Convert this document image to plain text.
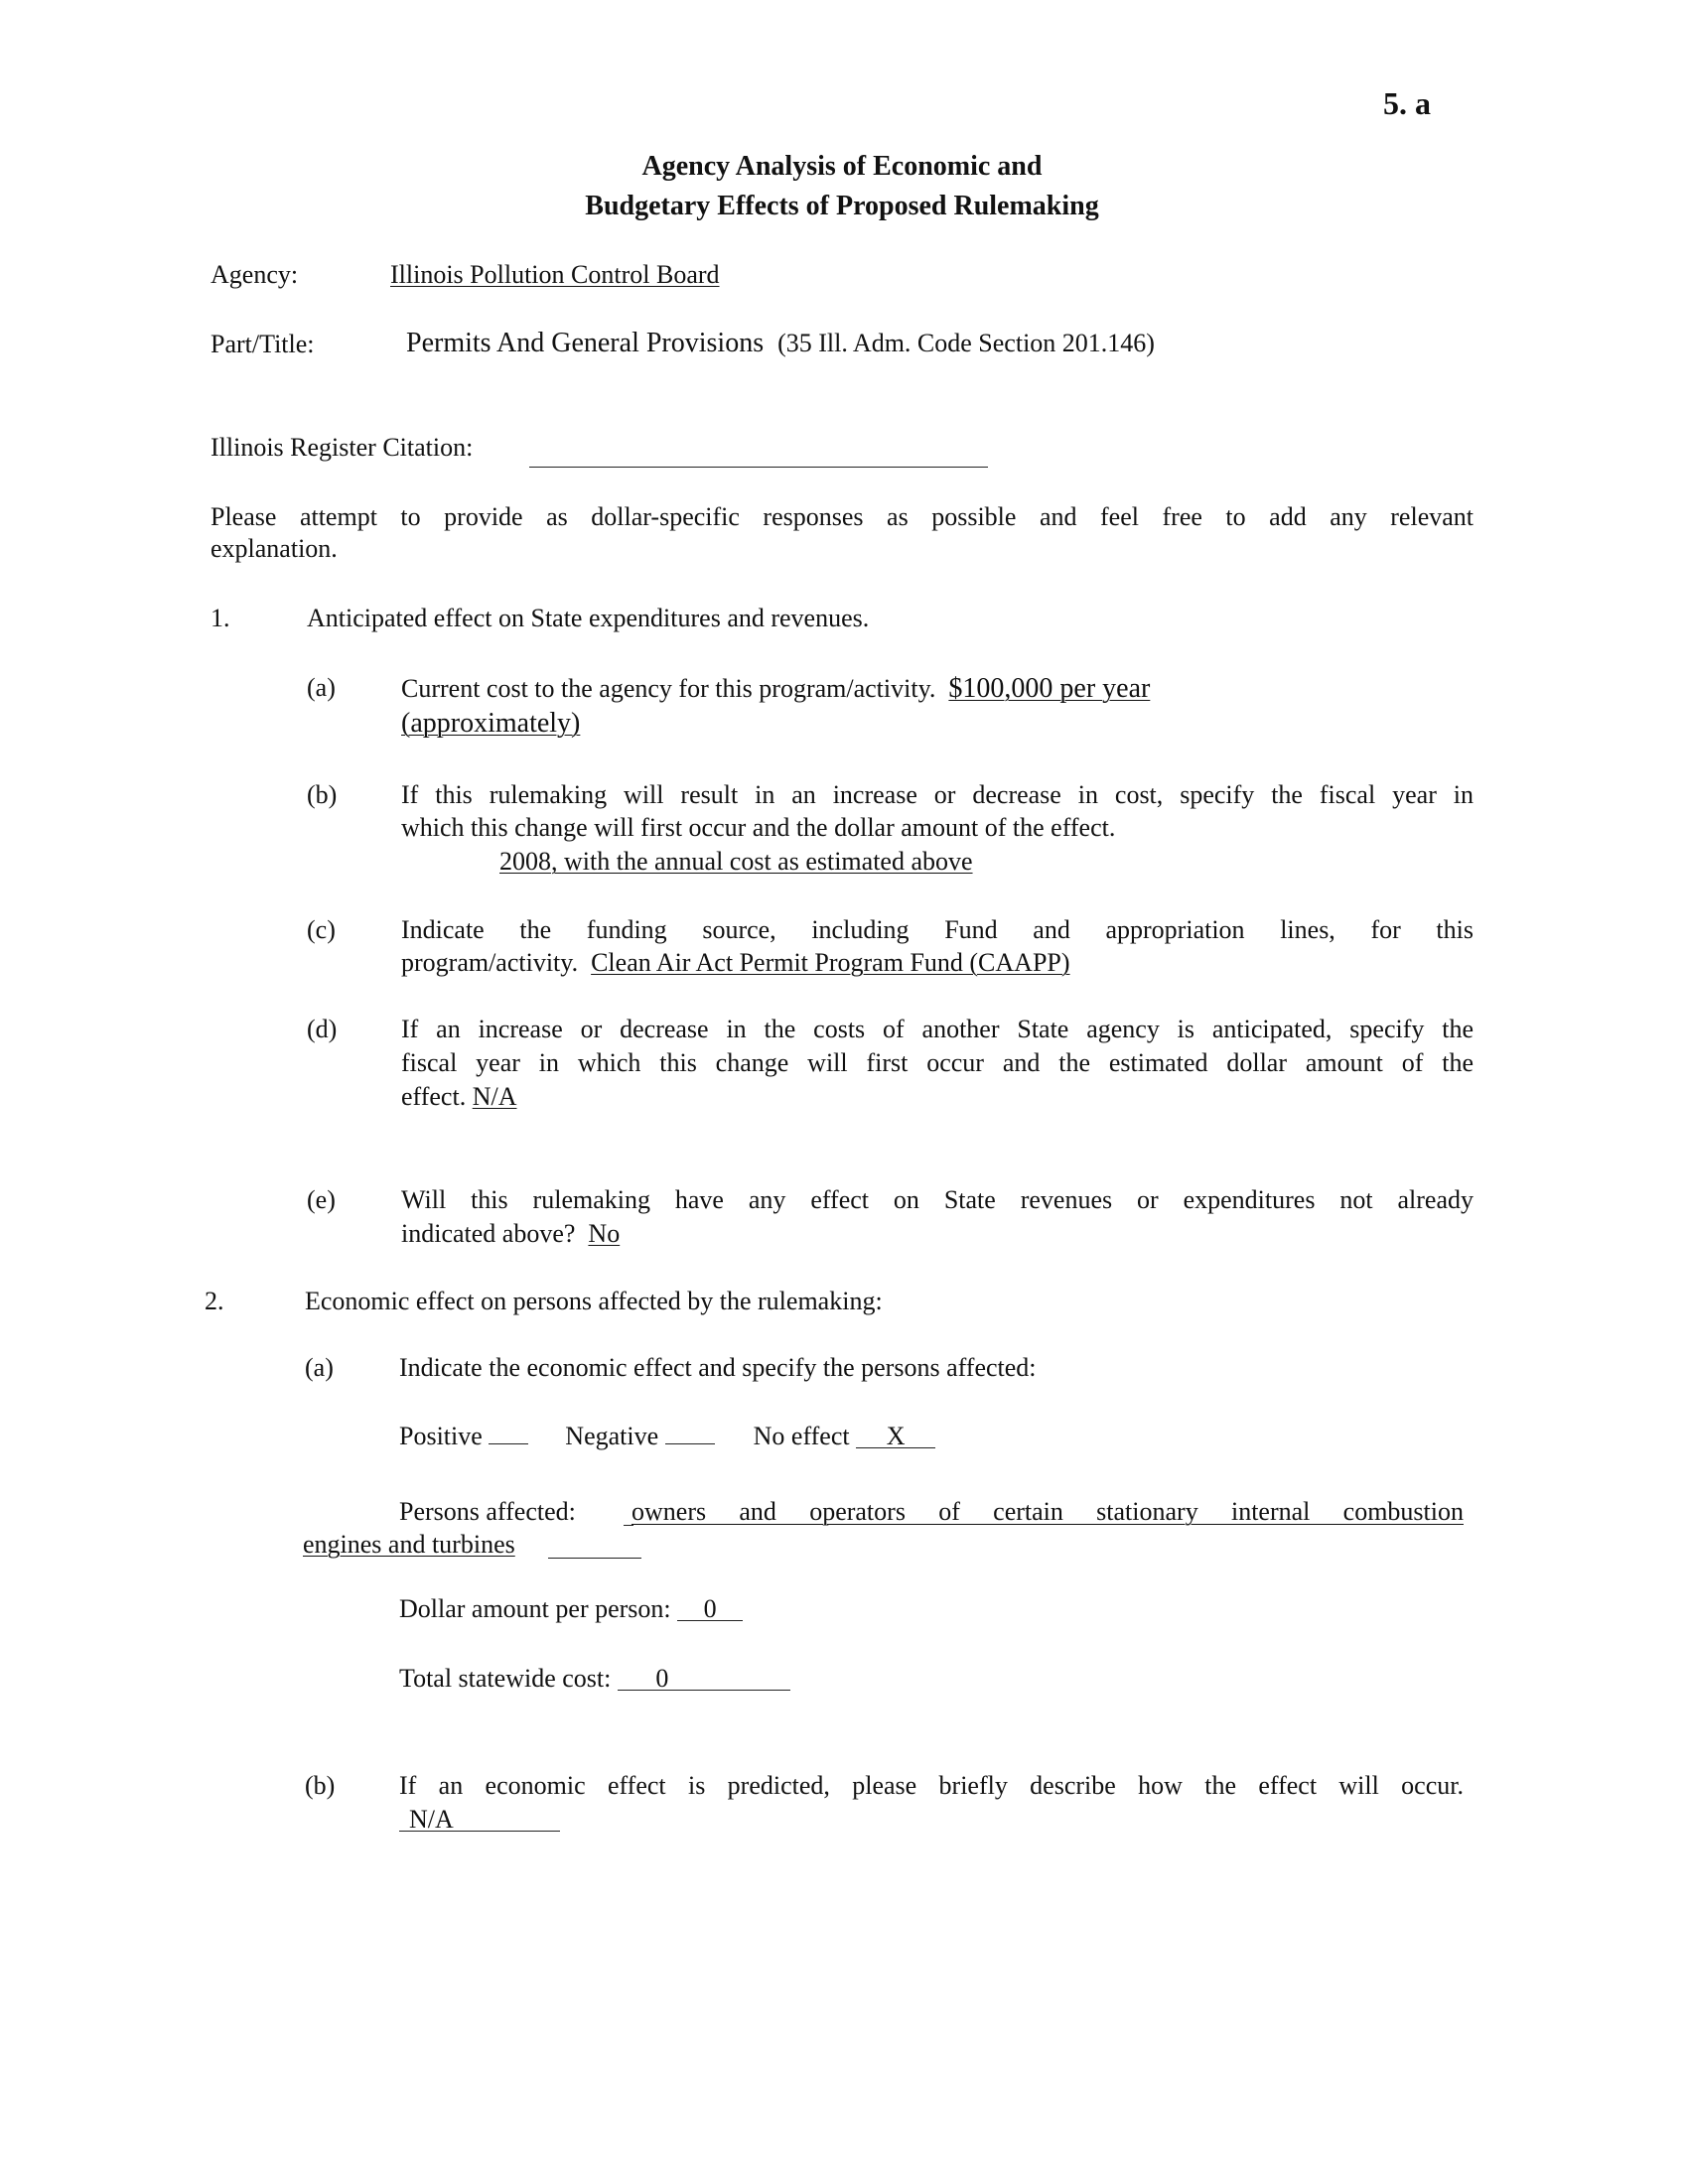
5. a
Agency Analysis of Economic and
Budgetary Effects of Proposed Rulemaking
Agency:	Illinois Pollution Control Board
Part/Title:	Permits And General Provisions (35 Ill. Adm. Code Section 201.146)
Illinois Register Citation:
Please attempt to provide as dollar-specific responses as possible and feel free to add any relevant
explanation.
1.	Anticipated effect on State expenditures and revenues.
(a)	Current cost to the agency for this program/activity. $100,000 per year
(approximately)
(b) If this rulemaking will result in an increase or decrease in cost, specify the fiscal year in
which this change will first occur and the dollar amount of the effect.
2008, with the annual cost as estimated above
(c)	Indicate the funding source, including Fund and appropriation lines, for this
program/activity. Clean Air Act Permit Program Fund (CAAPP)
(d) If an increase or decrease in the costs of another State agency is anticipated, specify the
fiscal year in which this change will first occur and the estimated dollar amount of the
effect. N/A
(e)	Will this rulemaking have any effect on State revenues or expenditures not already
indicated above? No
2.	Economic effect on persons affected by the rulemaking:
(a)	Indicate the economic effect and specify the persons affected:
Positive	Negative	No effect X
Persons affected: owners and operators of certain stationary internal combustion
engines and turbines
Dollar amount per person: 0
Total statewide cost: 0
(b) If an economic effect is predicted, please briefly describe how the effect will occur.
N/A
